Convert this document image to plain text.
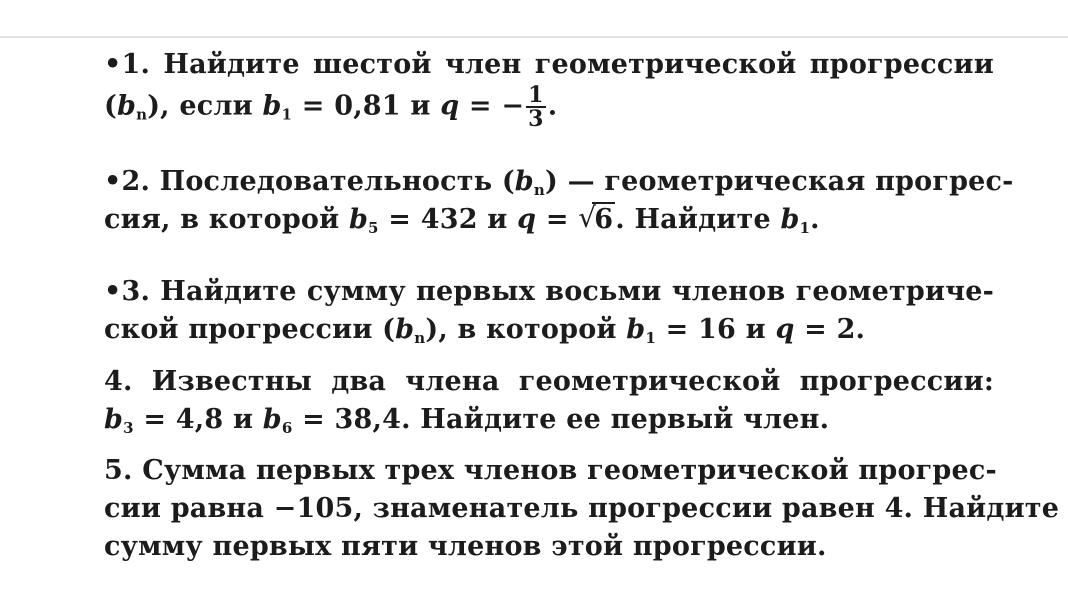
•1. Найдите шестой член геометрической прогрессии
$(b_n)$, если $b_1 = 0,81$ и q = − $\frac{1}{3}$ .
•2. Последовательность $(b_n)$ — геометрическая прогрес-
сия, в которой $b_5 = 432$ и q = √
6. Найдите $b_1$.
•3. Найдите сумму первых восьми членов геометриче-
ской прогрессии $(b_n)$, в которой $b_1 = 16$ и q = 2.
4. Известны два члена геометрической прогрессии:
$b_3 = 4,8$ и $b_6 = 38,4$. Найдите ее первый член.
5. Сумма первых трех членов геометрической прогрес-
сии равна −105, знаменатель прогрессии равен 4. Найдите
сумму первых пяти членов этой прогрессии.
